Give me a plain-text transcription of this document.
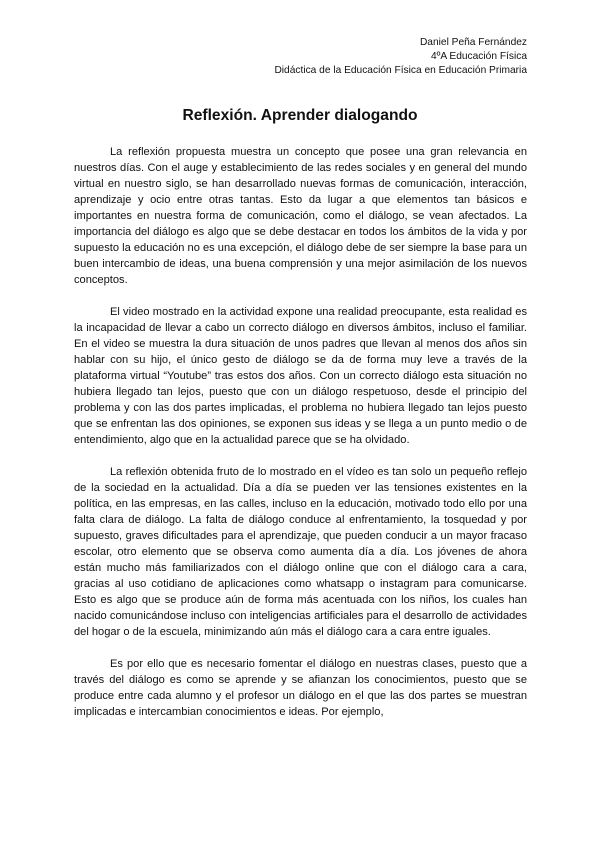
Daniel Peña Fernández
4ºA Educación Física
Didáctica de la Educación Física en Educación Primaria
Reflexión. Aprender dialogando

La reflexión propuesta muestra un concepto que posee una gran relevancia en nuestros días. Con el auge y establecimiento de las redes sociales y en general del mundo virtual en nuestro siglo, se han desarrollado nuevas formas de comunicación, interacción, aprendizaje y ocio entre otras tantas. Esto da lugar a que elementos tan básicos e importantes en nuestra forma de comunicación, como el diálogo, se vean afectados. La importancia del diálogo es algo que se debe destacar en todos los ámbitos de la vida y por supuesto la educación no es una excepción, el diálogo debe de ser siempre la base para un buen intercambio de ideas, una buena comprensión y una mejor asimilación de los nuevos conceptos.

El video mostrado en la actividad expone una realidad preocupante, esta realidad es la incapacidad de llevar a cabo un correcto diálogo en diversos ámbitos, incluso el familiar. En el video se muestra la dura situación de unos padres que llevan al menos dos años sin hablar con su hijo, el único gesto de diálogo se da de forma muy leve a través de la plataforma virtual “Youtube” tras estos dos años. Con un correcto diálogo esta situación no hubiera llegado tan lejos, puesto que con un diálogo respetuoso, desde el principio del problema y con las dos partes implicadas, el problema no hubiera llegado tan lejos puesto que se enfrentan las dos opiniones, se exponen sus ideas y se llega a un punto medio o de entendimiento, algo que en la actualidad parece que se ha olvidado.

La reflexión obtenida fruto de lo mostrado en el vídeo es tan solo un pequeño reflejo de la sociedad en la actualidad. Día a día se pueden ver las tensiones existentes en la política, en las empresas, en las calles, incluso en la educación, motivado todo ello por una falta clara de diálogo. La falta de diálogo conduce al enfrentamiento, la tosquedad y por supuesto, graves dificultades para el aprendizaje, que pueden conducir a un mayor fracaso escolar, otro elemento que se observa como aumenta día a día. Los jóvenes de ahora están mucho más familiarizados con el diálogo online que con el diálogo cara a cara, gracias al uso cotidiano de aplicaciones como whatsapp o instagram para comunicarse. Esto es algo que se produce aún de forma más acentuada con los niños, los cuales han nacido comunicándose incluso con inteligencias artificiales para el desarrollo de actividades del hogar o de la escuela, minimizando aún más el diálogo cara a cara entre iguales.

Es por ello que es necesario fomentar el diálogo en nuestras clases, puesto que a través del diálogo es como se aprende y se afianzan los conocimientos, puesto que se produce entre cada alumno y el profesor un diálogo en el que las dos partes se muestran implicadas e intercambian conocimientos e ideas. Por ejemplo,
